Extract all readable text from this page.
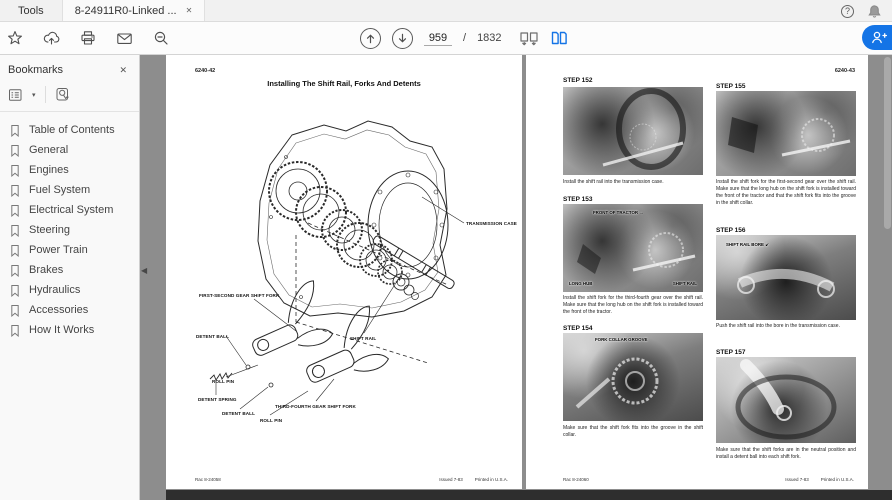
Tools	8-24911R0-Linked ... ✕	?
959
/ 1832
Bookmarks	✕
▾
Table of Contents
General
Engines
Fuel System
Electrical System
Steering
Power Train
Brakes
Hydraulics
Accessories
How It Works
◀
6240-42
Installing The Shift Rail, Forks And Detents
TRANSMISSION CASE
FIRST-SECOND GEAR SHIFT FORK
DETENT BALL
ROLL PIN
DETENT SPRING
DETENT BALL
ROLL PIN
THIRD-FOURTH GEAR SHIFT FORK
SHIFT RAIL
Rac 8-24058	Issued 7-83	Printed in U.S.A.
6240-43
STEP 152
Install the shift rail into the transmission case.
STEP 153
FRONT OF TRACTOR →
LONG HUB	SHIFT RAIL
Install the shift fork for the third-fourth gear over the shift rail. Make sure that the long hub on the shift fork is installed toward the front of the tractor.
STEP 154
FORK COLLAR GROOVE
Make sure that the shift fork fits into the groove in the shift collar.
STEP 155
Install the shift fork for the first-second gear over the shift rail. Make sure that the long hub on the shift fork is installed toward the front of the tractor and that the shift fork fits into the groove in the shift collar.
STEP 156
SHIFT RAIL BORE ↙
Push the shift rail into the bore in the transmission case.
STEP 157
Make sure that the shift forks are in the neutral position and install a detent ball into each shift fork.
Rac 8-24060	Issued 7-83	Printed in U.S.A.
